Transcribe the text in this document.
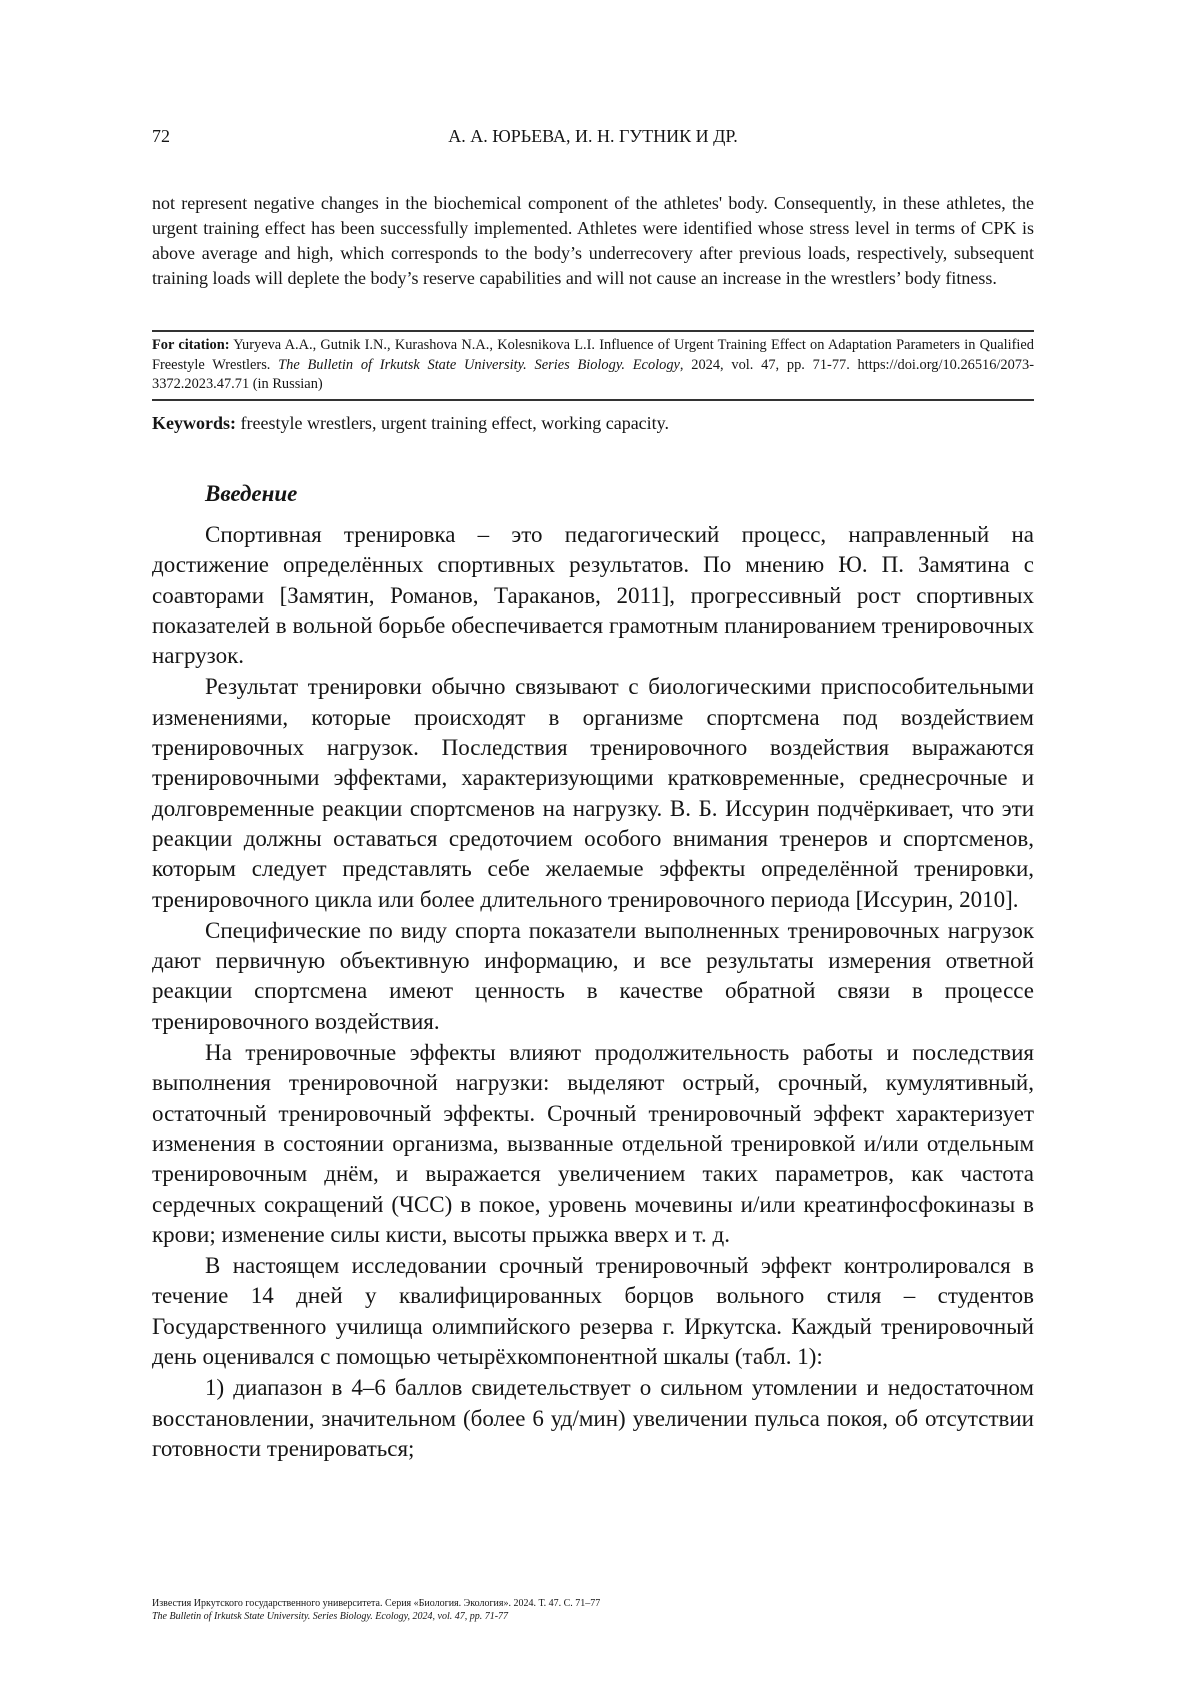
72	А. А. ЮРЬЕВА, И. Н. ГУТНИК И ДР.
not represent negative changes in the biochemical component of the athletes' body. Consequently, in these athletes, the urgent training effect has been successfully implemented. Athletes were identified whose stress level in terms of CPK is above average and high, which corresponds to the body’s underrecovery after previous loads, respectively, subsequent training loads will deplete the body’s reserve capabilities and will not cause an increase in the wrestlers’ body fitness.
For citation: Yuryeva A.A., Gutnik I.N., Kurashova N.A., Kolesnikova L.I. Influence of Urgent Training Effect on Adaptation Parameters in Qualified Freestyle Wrestlers. The Bulletin of Irkutsk State University. Series Biology. Ecology, 2024, vol. 47, pp. 71-77. https://doi.org/10.26516/2073-3372.2023.47.71 (in Russian)
Keywords: freestyle wrestlers, urgent training effect, working capacity.
Введение

Спортивная тренировка – это педагогический процесс, направленный на достижение определённых спортивных результатов. По мнению Ю. П. Замятина с соавторами [Замятин, Романов, Тараканов, 2011], прогрессивный рост спортивных показателей в вольной борьбе обеспечивается грамотным планированием тренировочных нагрузок.

Результат тренировки обычно связывают с биологическими приспособительными изменениями, которые происходят в организме спортсмена под воздействием тренировочных нагрузок. Последствия тренировочного воздействия выражаются тренировочными эффектами, характеризующими кратковременные, среднесрочные и долговременные реакции спортсменов на нагрузку. В. Б. Иссурин подчёркивает, что эти реакции должны оставаться средоточием особого внимания тренеров и спортсменов, которым следует представлять себе желаемые эффекты определённой тренировки, тренировочного цикла или более длительного тренировочного периода [Иссурин, 2010].

Специфические по виду спорта показатели выполненных тренировочных нагрузок дают первичную объективную информацию, и все результаты измерения ответной реакции спортсмена имеют ценность в качестве обратной связи в процессе тренировочного воздействия.

На тренировочные эффекты влияют продолжительность работы и последствия выполнения тренировочной нагрузки: выделяют острый, срочный, кумулятивный, остаточный тренировочный эффекты. Срочный тренировочный эффект характеризует изменения в состоянии организма, вызванные отдельной тренировкой и/или отдельным тренировочным днём, и выражается увеличением таких параметров, как частота сердечных сокращений (ЧСС) в покое, уровень мочевины и/или креатинфосфокиназы в крови; изменение силы кисти, высоты прыжка вверх и т. д.

В настоящем исследовании срочный тренировочный эффект контролировался в течение 14 дней у квалифицированных борцов вольного стиля – студентов Государственного училища олимпийского резерва г. Иркутска. Каждый тренировочный день оценивался с помощью четырёхкомпонентной шкалы (табл. 1):

1) диапазон в 4–6 баллов свидетельствует о сильном утомлении и недостаточном восстановлении, значительном (более 6 уд/мин) увеличении пульса покоя, об отсутствии готовности тренироваться;

Известия Иркутского государственного университета. Серия «Биология. Экология». 2024. Т. 47. С. 71–77
The Bulletin of Irkutsk State University. Series Biology. Ecology, 2024, vol. 47, pp. 71-77
